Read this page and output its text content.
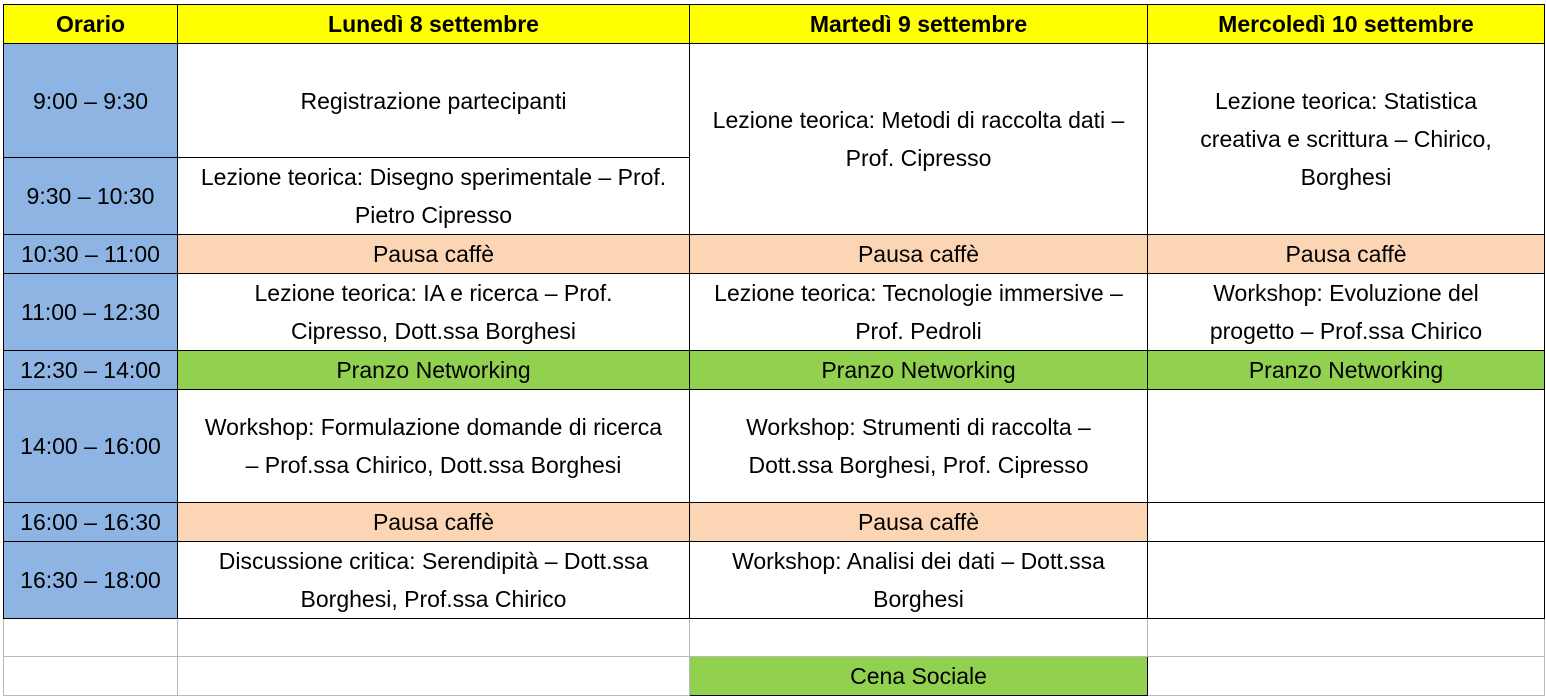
Orario	Lunedì 8 settembre	Martedì 9 settembre	Mercoledì 10 settembre
9:00 – 9:30	Registrazione partecipanti	Lezione teorica: Metodi di raccolta dati – Prof. Cipresso	Lezione teorica: Statistica creativa e scrittura – Chirico, Borghesi
9:30 – 10:30	Lezione teorica: Disegno sperimentale – Prof. Pietro Cipresso		
10:30 – 11:00	Pausa caffè	Pausa caffè	Pausa caffè
11:00 – 12:30	Lezione teorica: IA e ricerca – Prof. Cipresso, Dott.ssa Borghesi	Lezione teorica: Tecnologie immersive – Prof. Pedroli	Workshop: Evoluzione del progetto – Prof.ssa Chirico
12:30 – 14:00	Pranzo Networking	Pranzo Networking	Pranzo Networking
14:00 – 16:00	Workshop: Formulazione domande di ricerca – Prof.ssa Chirico, Dott.ssa Borghesi	Workshop: Strumenti di raccolta – Dott.ssa Borghesi, Prof. Cipresso	
16:00 – 16:30	Pausa caffè	Pausa caffè	
16:30 – 18:00	Discussione critica: Serendipità – Dott.ssa Borghesi, Prof.ssa Chirico	Workshop: Analisi dei dati – Dott.ssa Borghesi	

		Cena Sociale	
